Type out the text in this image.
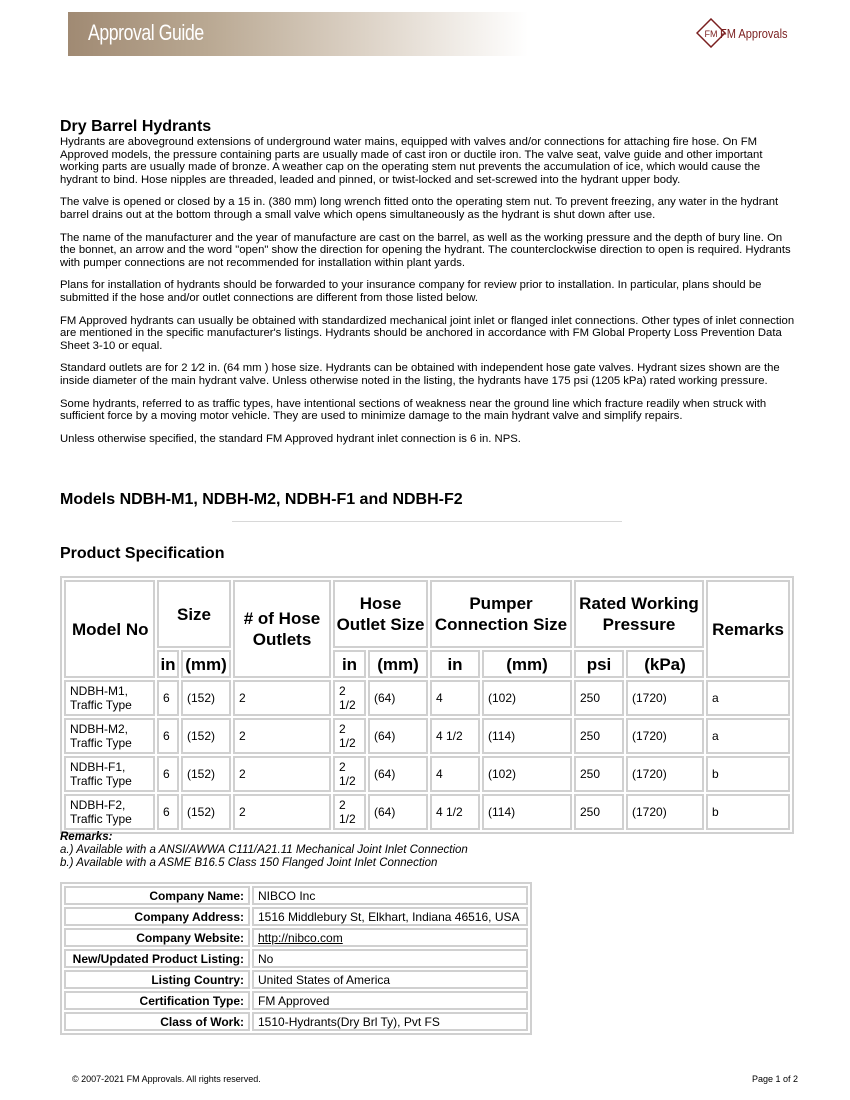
Approval Guide	FM FM Approvals
Dry Barrel Hydrants

Hydrants are aboveground extensions of underground water mains, equipped with valves and/or connections for attaching fire hose. On FM Approved models, the pressure containing parts are usually made of cast iron or ductile iron. The valve seat, valve guide and other important working parts are usually made of bronze. A weather cap on the operating stem nut prevents the accumulation of ice, which would cause the hydrant to bind. Hose nipples are threaded, leaded and pinned, or twist-locked and set-screwed into the hydrant upper body.

The valve is opened or closed by a 15 in. (380 mm) long wrench fitted onto the operating stem nut. To prevent freezing, any water in the hydrant barrel drains out at the bottom through a small valve which opens simultaneously as the hydrant is shut down after use.

The name of the manufacturer and the year of manufacture are cast on the barrel, as well as the working pressure and the depth of bury line. On the bonnet, an arrow and the word "open" show the direction for opening the hydrant. The counterclockwise direction to open is required. Hydrants with pumper connections are not recommended for installation within plant yards.

Plans for installation of hydrants should be forwarded to your insurance company for review prior to installation. In particular, plans should be submitted if the hose and/or outlet connections are different from those listed below.

FM Approved hydrants can usually be obtained with standardized mechanical joint inlet or flanged inlet connections. Other types of inlet connection are mentioned in the specific manufacturer's listings. Hydrants should be anchored in accordance with FM Global Property Loss Prevention Data Sheet 3-10 or equal.

Standard outlets are for 2 1⁄2 in. (64 mm ) hose size. Hydrants can be obtained with independent hose gate valves. Hydrant sizes shown are the inside diameter of the main hydrant valve. Unless otherwise noted in the listing, the hydrants have 175 psi (1205 kPa) rated working pressure.

Some hydrants, referred to as traffic types, have intentional sections of weakness near the ground line which fracture readily when struck with sufficient force by a moving motor vehicle. They are used to minimize damage to the main hydrant valve and simplify repairs.

Unless otherwise specified, the standard FM Approved hydrant inlet connection is 6 in. NPS.

Models NDBH-M1, NDBH-M2, NDBH-F1 and NDBH-F2
Product Specification
Model No	Size		# of Hose Outlets	Hose Outlet Size		Pumper Connection Size		Rated Working Pressure		Remarks
	in	(mm)		in	(mm)	in	(mm)	psi	(kPa)	
NDBH-M1, Traffic Type	6	(152)	2	2 1/2	(64)	4	(102)	250	(1720)	a
NDBH-M2, Traffic Type	6	(152)	2	2 1/2	(64)	4 1/2	(114)	250	(1720)	a
NDBH-F1, Traffic Type	6	(152)	2	2 1/2	(64)	4	(102)	250	(1720)	b
NDBH-F2, Traffic Type	6	(152)	2	2 1/2	(64)	4 1/2	(114)	250	(1720)	b
Remarks:
a.) Available with a ANSI/AWWA C111/A21.11 Mechanical Joint Inlet Connection
b.) Available with a ASME B16.5 Class 150 Flanged Joint Inlet Connection
Company Name:	NIBCO Inc
Company Address:	1516 Middlebury St, Elkhart, Indiana 46516, USA
Company Website:	http://nibco.com
New/Updated Product Listing:	No
Listing Country:	United States of America
Certification Type:	FM Approved
Class of Work:	1510-Hydrants(Dry Brl Ty), Pvt FS
© 2007-2021 FM Approvals. All rights reserved.	Page 1 of 2
